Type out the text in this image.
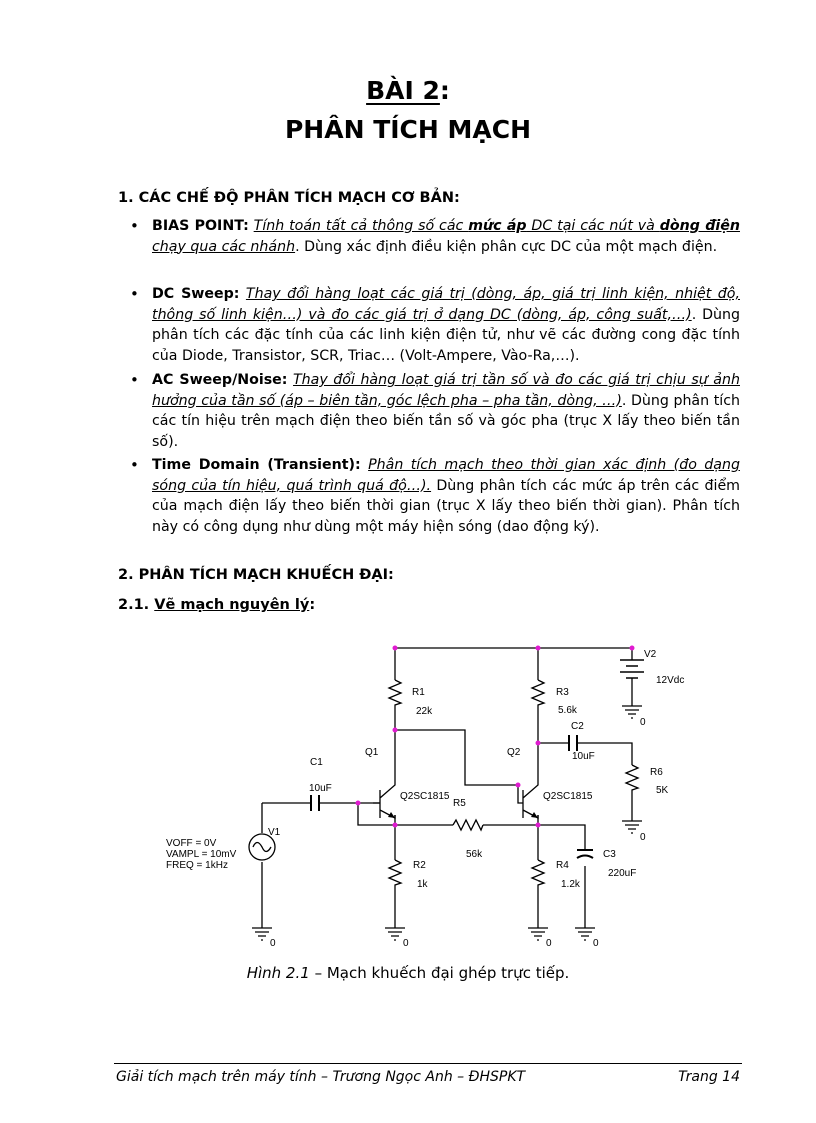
BÀI 2:
PHÂN TÍCH MẠCH
1. CÁC CHẾ ĐỘ PHÂN TÍCH MẠCH CƠ BẢN:
• BIAS POINT: Tính toán tất cả thông số các mức áp DC tại các nút và dòng điện chạy qua các nhánh. Dùng xác định điều kiện phân cực DC của một mạch điện.
• DC Sweep: Thay đổi hàng loạt các giá trị (dòng, áp, giá trị linh kiện, nhiệt độ, thông số linh kiện…) và đo các giá trị ở dạng DC (dòng, áp, công suất,…). Dùng phân tích các đặc tính của các linh kiện điện tử, như vẽ các đường cong đặc tính của Diode, Transistor, SCR, Triac… (Volt-Ampere, Vào-Ra,…).
• AC Sweep/Noise: Thay đổi hàng loạt giá trị tần số và đo các giá trị chịu sự ảnh hưởng của tần số (áp – biên tần, góc lệch pha – pha tần, dòng, …). Dùng phân tích các tín hiệu trên mạch điện theo biến tần số và góc pha (trục X lấy theo biến tần số).
• Time Domain (Transient): Phân tích mạch theo thời gian xác định (đo dạng sóng của tín hiệu, quá trình quá độ…). Dùng phân tích các mức áp trên các điểm của mạch điện lấy theo biến thời gian (trục X lấy theo biến thời gian). Phân tích này có công dụng như dùng một máy hiện sóng (dao động ký).
2. PHÂN TÍCH MẠCH KHUẾCH ĐẠI:
2.1. Vẽ mạch nguyên lý:
V2
12Vdc
R1
22k
R3
5.6k
C2
10uF
R6
5K
Q1
Q2SC1815
Q2
Q2SC1815
C1
10uF
R5
56k
V1
VOFF = 0V
VAMPL = 10mV
FREQ = 1kHz	R2
1k
R4
1.2k
C3
220uF
0
0
0	0	0	0
Hình 2.1 – Mạch khuếch đại ghép trực tiếp.
Giải tích mạch trên máy tính – Trương Ngọc Anh – ĐHSPKT	Trang 14
